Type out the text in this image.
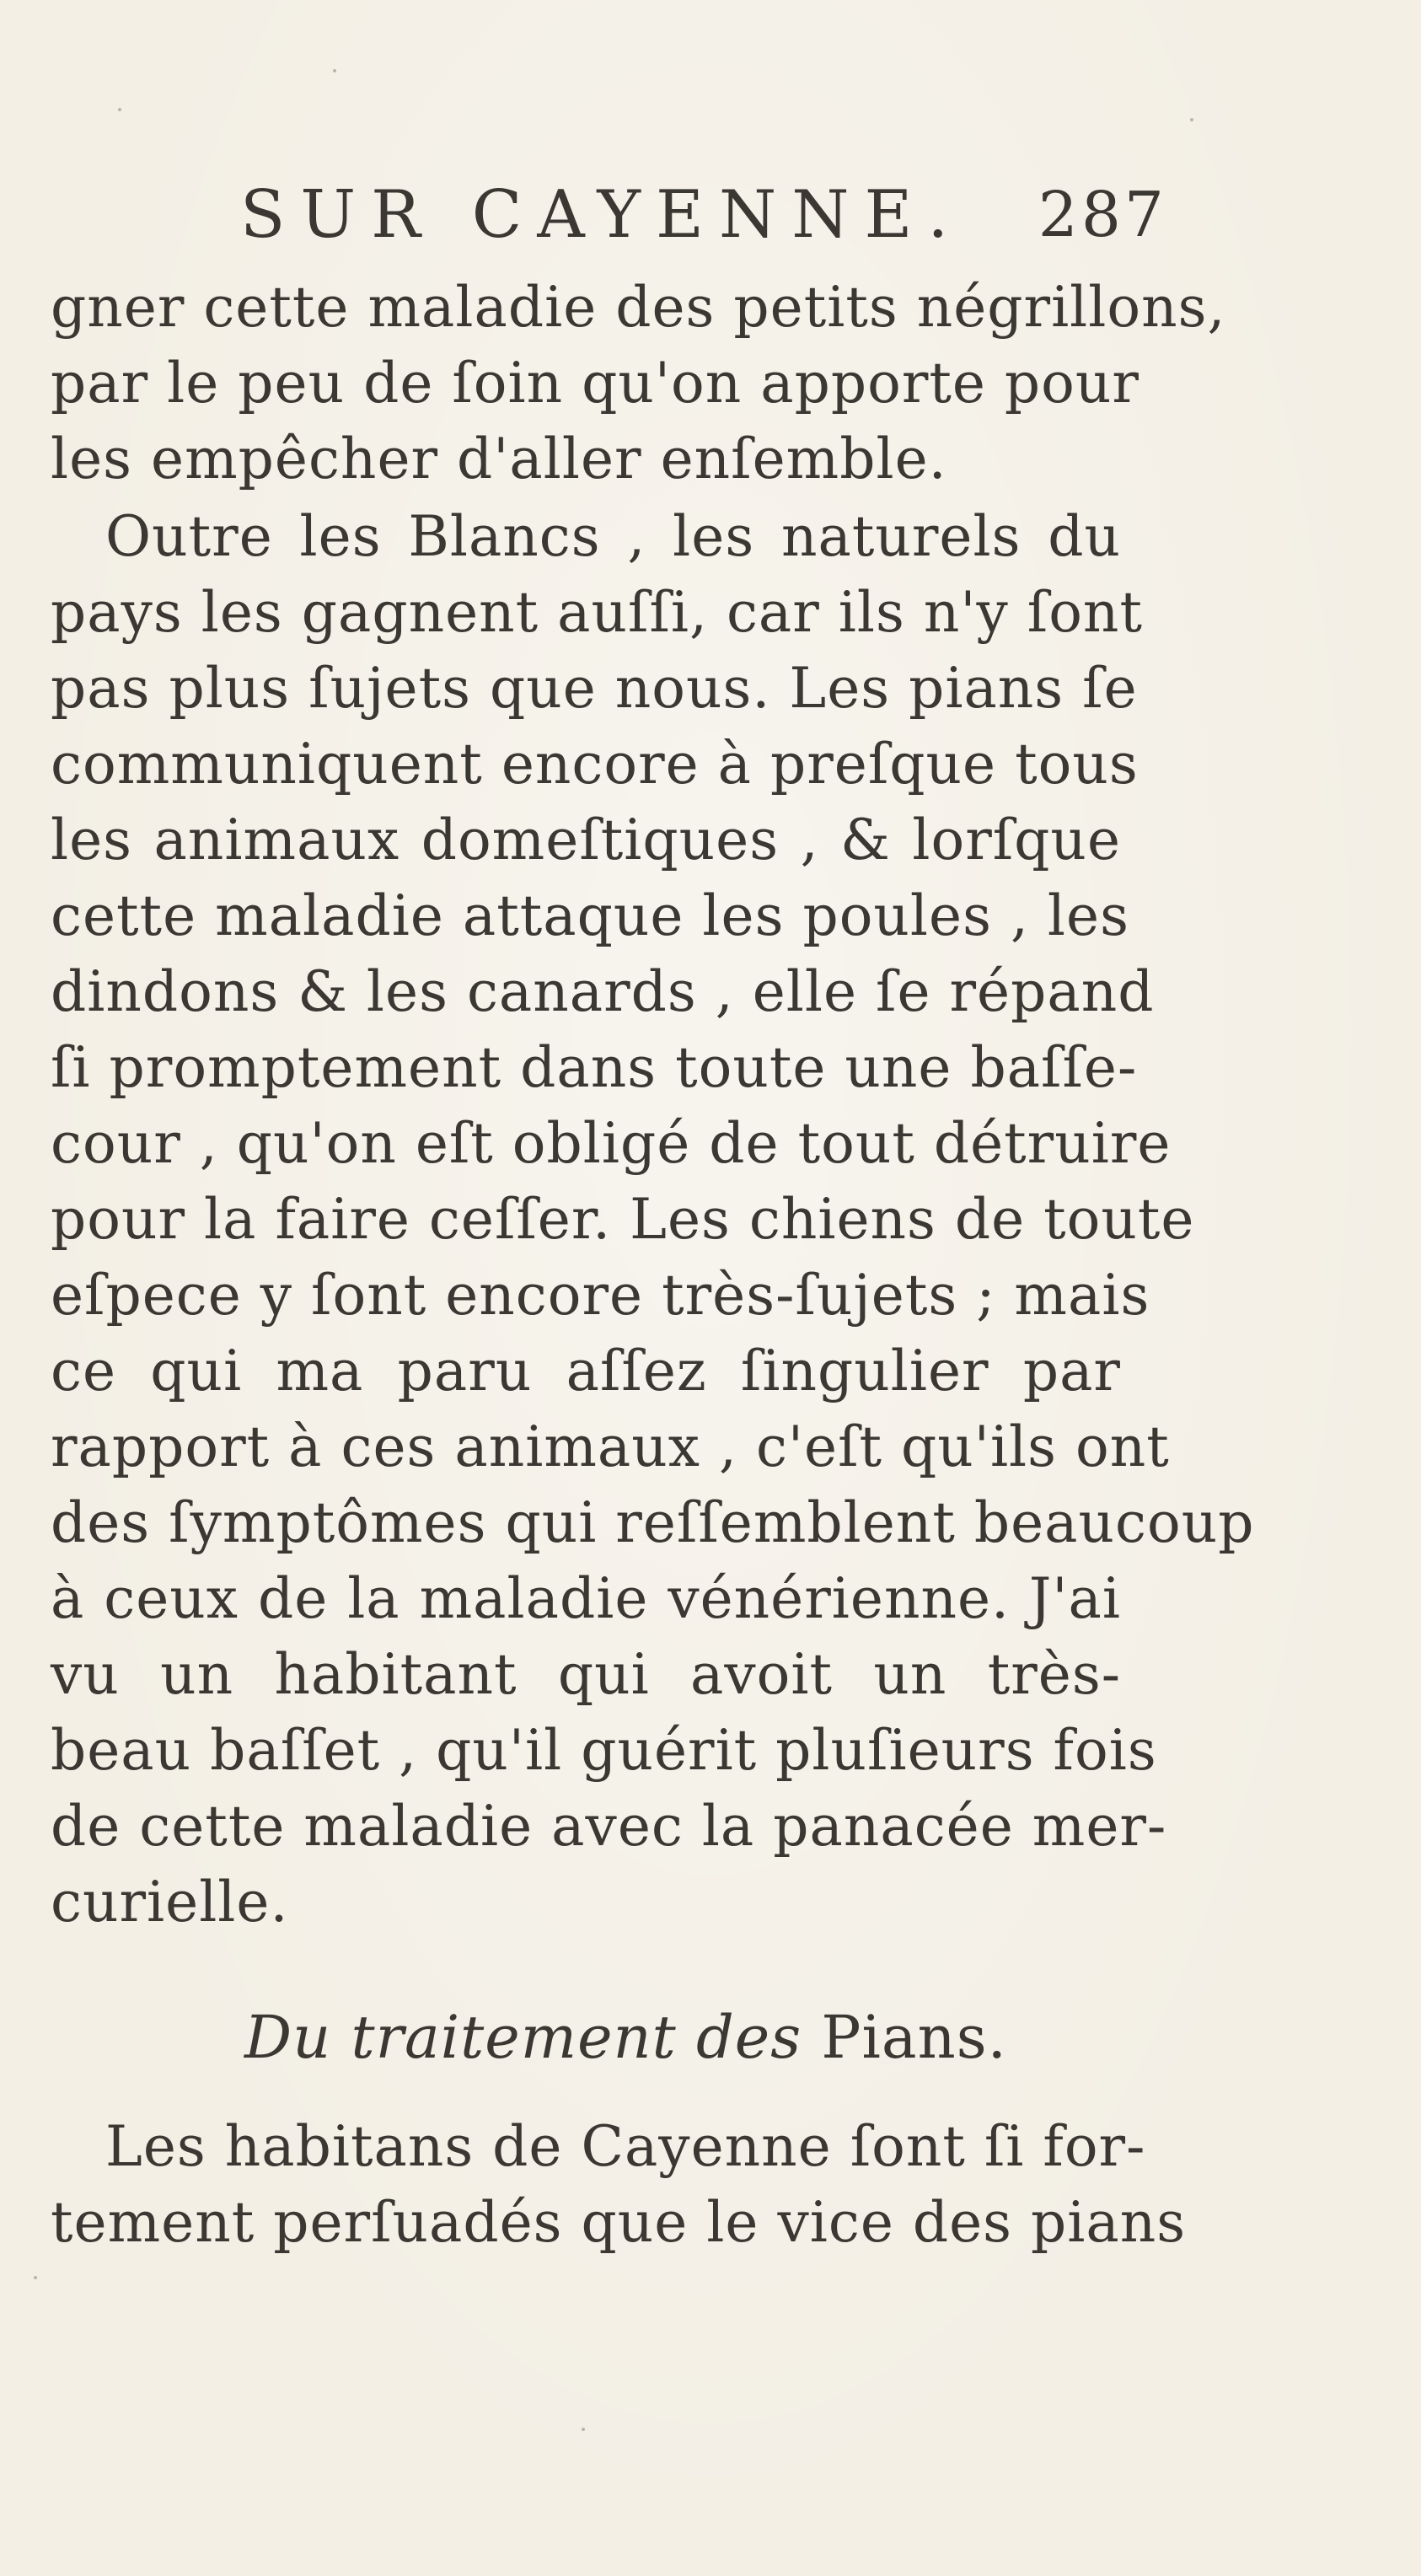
SUR CAYENNE. 287
gner cette maladie des petits négrillons,
par le peu de ſoin qu'on apporte pour
les empêcher d'aller enſemble.
Outre les Blancs , les naturels du
pays les gagnent auſſi, car ils n'y ſont
pas plus ſujets que nous. Les pians ſe
communiquent encore à preſque tous
les animaux domeſtiques , & lorſque
cette maladie attaque les poules , les
dindons & les canards , elle ſe répand
ſi promptement dans toute une baſſe-
cour , qu'on eſt obligé de tout détruire
pour la faire ceſſer. Les chiens de toute
eſpece y ſont encore très-ſujets ; mais
ce qui ma paru aſſez ſingulier par
rapport à ces animaux , c'eſt qu'ils ont
des ſymptômes qui reſſemblent beaucoup
à ceux de la maladie vénérienne. J'ai
vu un habitant qui avoit un très-
beau baſſet , qu'il guérit pluſieurs fois
de cette maladie avec la panacée mer-
curielle.
Du traitement des Pians.
Les habitans de Cayenne ſont ſi for-
tement perſuadés que le vice des pians
